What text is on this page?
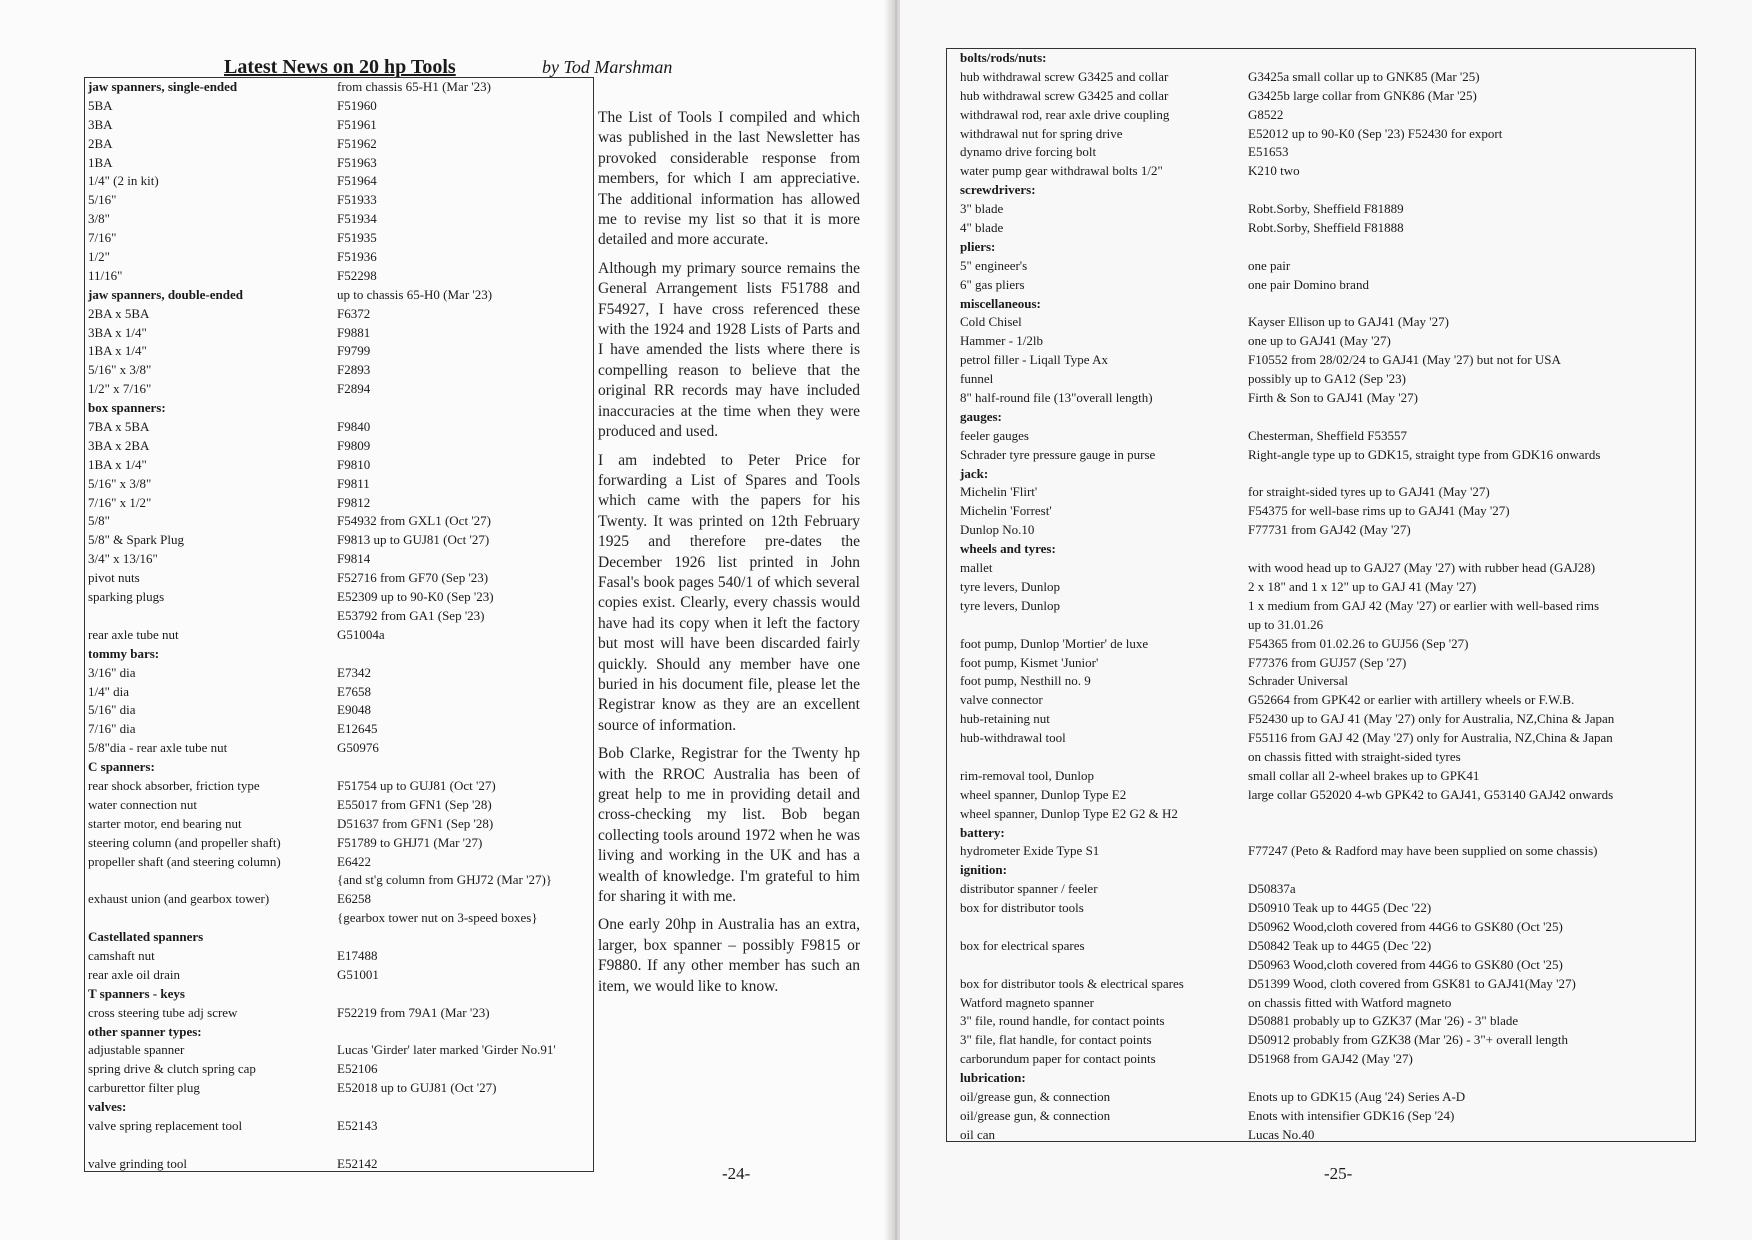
Latest News on 20 hp Tools	by Tod Marshman
jaw spanners, single-ended	from chassis 65-H1 (Mar '23)
5BA	F51960
3BA	F51961
2BA	F51962
1BA	F51963
1/4" (2 in kit)	F51964
5/16"	F51933
3/8"	F51934
7/16"	F51935
1/2"	F51936
11/16"	F52298
jaw spanners, double-ended	up to chassis 65-H0 (Mar '23)
2BA x 5BA	F6372
3BA x 1/4"	F9881
1BA x 1/4"	F9799
5/16" x 3/8"	F2893
1/2" x 7/16"	F2894
box spanners:
7BA x 5BA	F9840
3BA x 2BA	F9809
1BA x 1/4"	F9810
5/16" x 3/8"	F9811
7/16" x 1/2"	F9812
5/8"	F54932 from GXL1 (Oct '27)
5/8" & Spark Plug	F9813 up to GUJ81 (Oct '27)
3/4" x 13/16"	F9814
pivot nuts	F52716 from GF70 (Sep '23)
sparking plugs	E52309 up to 90-K0 (Sep '23)
E53792 from GA1 (Sep '23)
rear axle tube nut	G51004a
tommy bars:
3/16" dia	E7342
1/4" dia	E7658
5/16" dia	E9048
7/16" dia	E12645
5/8"dia - rear axle tube nut	G50976
C spanners:
rear shock absorber, friction type	F51754 up to GUJ81 (Oct '27)
water connection nut	E55017 from GFN1 (Sep '28)
starter motor, end bearing nut	D51637 from GFN1 (Sep '28)
steering column (and propeller shaft)	F51789 to GHJ71 (Mar '27)
propeller shaft (and steering column)	E6422
{and st'g column from GHJ72 (Mar '27)}
exhaust union (and gearbox tower)	E6258
{gearbox tower nut on 3-speed boxes}
Castellated spanners
camshaft nut	E17488
rear axle oil drain	G51001
T spanners - keys
cross steering tube adj screw	F52219 from 79A1 (Mar '23)
other spanner types:
adjustable spanner	Lucas 'Girder' later marked 'Girder No.91'
spring drive & clutch spring cap	E52106
carburettor filter plug	E52018 up to GUJ81 (Oct '27)
valves:
valve spring replacement tool	E52143
valve grinding tool	E52142

The List of Tools I compiled and which was published in the last Newsletter has provoked considerable response from members, for which I am appreciative. The additional information has allowed me to revise my list so that it is more detailed and more accurate.

Although my primary source remains the General Arrangement lists F51788 and F54927, I have cross referenced these with the 1924 and 1928 Lists of Parts and I have amended the lists where there is compelling reason to believe that the original RR records may have included inaccuracies at the time when they were produced and used.

I am indebted to Peter Price for forwarding a List of Spares and Tools which came with the papers for his Twenty. It was printed on 12th February 1925 and therefore pre-dates the December 1926 list printed in John Fasal's book pages 540/1 of which several copies exist. Clearly, every chassis would have had its copy when it left the factory but most will have been discarded fairly quickly. Should any member have one buried in his document file, please let the Registrar know as they are an excellent source of information.

Bob Clarke, Registrar for the Twenty hp with the RROC Australia has been of great help to me in providing detail and cross-checking my list. Bob began collecting tools around 1972 when he was living and working in the UK and has a wealth of knowledge. I'm grateful to him for sharing it with me.

One early 20hp in Australia has an extra, larger, box spanner – possibly F9815 or F9880. If any other member has such an item, we would like to know.

-24-
bolts/rods/nuts:
hub withdrawal screw G3425 and collar	G3425a small collar up to GNK85 (Mar '25)
hub withdrawal screw G3425 and collar	G3425b large collar from GNK86 (Mar '25)
withdrawal rod, rear axle drive coupling	G8522
withdrawal nut for spring drive	E52012 up to 90-K0 (Sep '23) F52430 for export
dynamo drive forcing bolt	E51653
water pump gear withdrawal bolts 1/2"	K210 two
screwdrivers:
3" blade	Robt.Sorby, Sheffield F81889
4" blade	Robt.Sorby, Sheffield F81888
pliers:
5" engineer's	one pair
6" gas pliers	one pair Domino brand
miscellaneous:
Cold Chisel	Kayser Ellison up to GAJ41 (May '27)
Hammer - 1/2lb	one up to GAJ41 (May '27)
petrol filler - Liqall Type Ax	F10552 from 28/02/24 to GAJ41 (May '27) but not for USA
funnel	possibly up to GA12 (Sep '23)
8" half-round file (13"overall length)	Firth & Son to GAJ41 (May '27)
gauges:
feeler gauges	Chesterman, Sheffield F53557
Schrader tyre pressure gauge in purse	Right-angle type up to GDK15, straight type from GDK16 onwards
jack:
Michelin 'Flirt'	for straight-sided tyres up to GAJ41 (May '27)
Michelin 'Forrest'	F54375 for well-base rims up to GAJ41 (May '27)
Dunlop No.10	F77731 from GAJ42 (May '27)
wheels and tyres:
mallet	with wood head up to GAJ27 (May '27) with rubber head (GAJ28)
tyre levers, Dunlop	2 x 18" and 1 x 12" up to GAJ 41 (May '27)
tyre levers, Dunlop	1 x medium from GAJ 42 (May '27) or earlier with well-based rims
up to 31.01.26
foot pump, Dunlop 'Mortier' de luxe	F54365 from 01.02.26 to GUJ56 (Sep '27)
foot pump, Kismet 'Junior'	F77376 from GUJ57 (Sep '27)
foot pump, Nesthill no. 9	Schrader Universal
valve connector	G52664 from GPK42 or earlier with artillery wheels or F.W.B.
hub-retaining nut	F52430 up to GAJ 41 (May '27) only for Australia, NZ,China & Japan
hub-withdrawal tool	F55116 from GAJ 42 (May '27) only for Australia, NZ,China & Japan
on chassis fitted with straight-sided tyres
rim-removal tool, Dunlop	small collar all 2-wheel brakes up to GPK41
wheel spanner, Dunlop Type E2	large collar G52020 4-wb GPK42 to GAJ41, G53140 GAJ42 onwards
wheel spanner, Dunlop Type E2 G2 & H2
battery:
hydrometer Exide Type S1	F77247 (Peto & Radford may have been supplied on some chassis)
ignition:
distributor spanner / feeler	D50837a
box for distributor tools	D50910 Teak up to 44G5 (Dec '22)
D50962 Wood,cloth covered from 44G6 to GSK80 (Oct '25)
box for electrical spares	D50842 Teak up to 44G5 (Dec '22)
D50963 Wood,cloth covered from 44G6 to GSK80 (Oct '25)
box for distributor tools & electrical spares	D51399 Wood, cloth covered from GSK81 to GAJ41(May '27)
Watford magneto spanner	on chassis fitted with Watford magneto
3" file, round handle, for contact points	D50881 probably up to GZK37 (Mar '26) - 3" blade
3" file, flat handle, for contact points	D50912 probably from GZK38 (Mar '26) - 3"+ overall length
carborundum paper for contact points	D51968 from GAJ42 (May '27)
lubrication:
oil/grease gun, & connection	Enots up to GDK15 (Aug '24) Series A-D
oil/grease gun, & connection	Enots with intensifier GDK16 (Sep '24)
oil can	Lucas No.40
-25-
